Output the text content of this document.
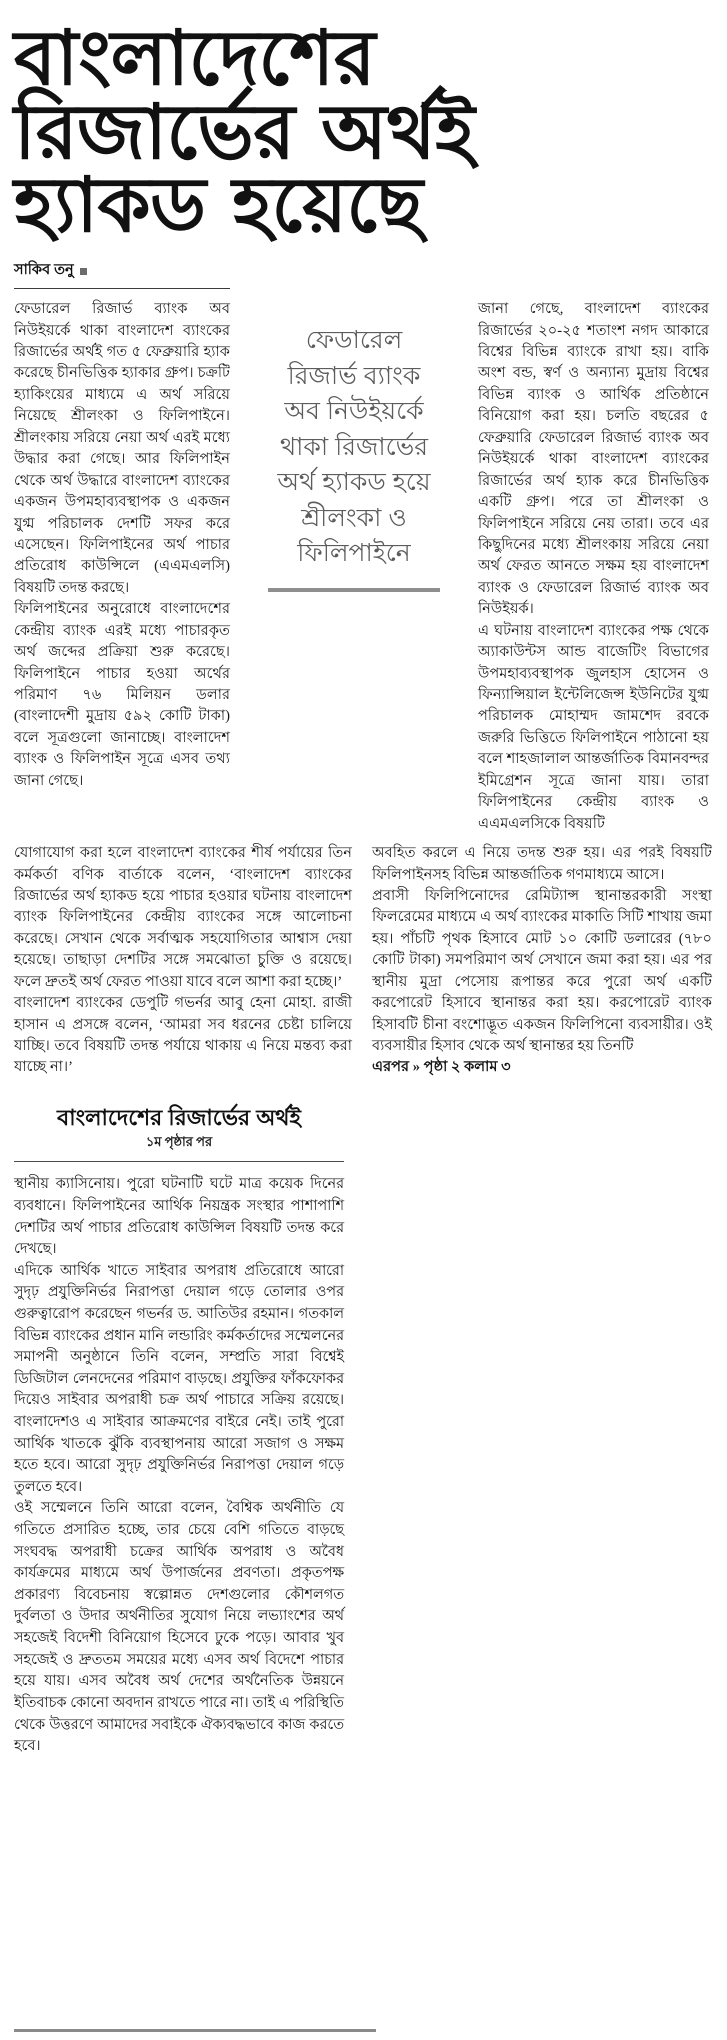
বাংলাদেশের
রিজার্ভের অর্থই
হ্যাকড হয়েছে
সাকিব তনু

ফেডারেল রিজার্ভ ব্যাংক অব নিউইয়র্কে থাকা বাংলাদেশ ব্যাংকের রিজার্ভের অর্থই গত ৫ ফেব্রুয়ারি হ্যাক করেছে চীনভিত্তিক হ্যাকার গ্রুপ। চক্রটি হ্যাকিংয়ের মাধ্যমে এ অর্থ সরিয়ে নিয়েছে শ্রীলংকা ও ফিলিপাইনে। শ্রীলংকায় সরিয়ে নেয়া অর্থ এরই মধ্যে উদ্ধার করা গেছে। আর ফিলিপাইন থেকে অর্থ উদ্ধারে বাংলাদেশ ব্যাংকের একজন উপমহাব্যবস্থাপক ও একজন যুগ্ম পরিচালক দেশটি সফর করে এসেছেন। ফিলিপাইনের অর্থ পাচার প্রতিরোধ কাউন্সিলে (এএমএলসি) বিষয়টি তদন্ত করছে।

ফিলিপাইনের অনুরোধে বাংলাদেশের কেন্দ্রীয় ব্যাংক এরই মধ্যে পাচারকৃত অর্থ জব্দের প্রক্রিয়া শুরু করেছে। ফিলিপাইনে পাচার হওয়া অর্থের পরিমাণ ৭৬ মিলিয়ন ডলার (বাংলাদেশী মুদ্রায় ৫৯২ কোটি টাকা) বলে সূত্রগুলো জানাচ্ছে। বাংলাদেশ ব্যাংক ও ফিলিপাইন সূত্রে এসব তথ্য জানা গেছে।

ফেডারেল
রিজার্ভ ব্যাংক
অব নিউইয়র্কে
থাকা রিজার্ভের
অর্থ হ্যাকড হয়ে
শ্রীলংকা ও
ফিলিপাইনে

জানা গেছে, বাংলাদেশ ব্যাংকের রিজার্ভের ২০-২৫ শতাংশ নগদ আকারে বিশ্বের বিভিন্ন ব্যাংকে রাখা হয়। বাকি অংশ বন্ড, স্বর্ণ ও অন্যান্য মুদ্রায় বিশ্বের বিভিন্ন ব্যাংক ও আর্থিক প্রতিষ্ঠানে বিনিয়োগ করা হয়। চলতি বছরের ৫ ফেব্রুয়ারি ফেডারেল রিজার্ভ ব্যাংক অব নিউইয়র্কে থাকা বাংলাদেশ ব্যাংকের রিজার্ভের অর্থ হ্যাক করে চীনভিত্তিক একটি গ্রুপ। পরে তা শ্রীলংকা ও ফিলিপাইনে সরিয়ে নেয় তারা। তবে এর কিছুদিনের মধ্যে শ্রীলংকায় সরিয়ে নেয়া অর্থ ফেরত আনতে সক্ষম হয় বাংলাদেশ ব্যাংক ও ফেডারেল রিজার্ভ ব্যাংক অব নিউইয়র্ক।

এ ঘটনায় বাংলাদেশ ব্যাংকের পক্ষ থেকে অ্যাকাউন্টস আন্ড বাজেটিং বিভাগের উপমহাব্যবস্থাপক জুলহাস হোসেন ও ফিন্যান্সিয়াল ইন্টেলিজেন্স ইউনিটের যুগ্ম পরিচালক মোহাম্মদ জামশেদ রবকে জরুরি ভিত্তিতে ফিলিপাইনে পাঠানো হয় বলে শাহজালাল আন্তর্জাতিক বিমানবন্দর ইমিগ্রেশন সূত্রে জানা যায়। তারা ফিলিপাইনের কেন্দ্রীয় ব্যাংক ও এএমএলসিকে বিষয়টি

যোগাযোগ করা হলে বাংলাদেশ ব্যাংকের শীর্ষ পর্যায়ের তিন কর্মকর্তা বণিক বার্তাকে বলেন, ‘বাংলাদেশ ব্যাংকের রিজার্ভের অর্থ হ্যাকড হয়ে পাচার হওয়ার ঘটনায় বাংলাদেশ ব্যাংক ফিলিপাইনের কেন্দ্রীয় ব্যাংকের সঙ্গে আলোচনা করেছে। সেখান থেকে সর্বাত্মক সহযোগিতার আশ্বাস দেয়া হয়েছে। তাছাড়া দেশটির সঙ্গে সমঝোতা চুক্তি ও রয়েছে। ফলে দ্রুতই অর্থ ফেরত পাওয়া যাবে বলে আশা করা হচ্ছে।’

বাংলাদেশ ব্যাংকের ডেপুটি গভর্নর আবু হেনা মোহা. রাজী হাসান এ প্রসঙ্গে বলেন, ‘আমরা সব ধরনের চেষ্টা চালিয়ে যাচ্ছি। তবে বিষয়টি তদন্ত পর্যায়ে থাকায় এ নিয়ে মন্তব্য করা যাচ্ছে না।’

অবহিত করলে এ নিয়ে তদন্ত শুরু হয়। এর পরই বিষয়টি ফিলিপাইনসহ বিভিন্ন আন্তর্জাতিক গণমাধ্যমে আসে।

প্রবাসী ফিলিপিনোদের রেমিট্যান্স স্থানান্তরকারী সংস্থা ফিলরেমের মাধ্যমে এ অর্থ ব্যাংকের মাকাতি সিটি শাখায় জমা হয়। পাঁচটি পৃথক হিসাবে মোট ১০ কোটি ডলারের (৭৮০ কোটি টাকা) সমপরিমাণ অর্থ সেখানে জমা করা হয়। এর পর স্থানীয় মুদ্রা পেসোয় রূপান্তর করে পুরো অর্থ একটি করপোরেট হিসাবে স্থানান্তর করা হয়। করপোরেট ব্যাংক হিসাবটি চীনা বংশোদ্ভূত একজন ফিলিপিনো ব্যবসায়ীর। ওই ব্যবসায়ীর হিসাব থেকে অর্থ স্থানান্তর হয় তিনটি

এরপর » পৃষ্ঠা ২ কলাম ৩

বাংলাদেশের রিজার্ভের অর্থই
১ম পৃষ্ঠার পর

স্থানীয় ক্যাসিনোয়। পুরো ঘটনাটি ঘটে মাত্র কয়েক দিনের ব্যবধানে। ফিলিপাইনের আর্থিক নিয়ন্ত্রক সংস্থার পাশাপাশি দেশটির অর্থ পাচার প্রতিরোধ কাউন্সিল বিষয়টি তদন্ত করে দেখছে।

এদিকে আর্থিক খাতে সাইবার অপরাধ প্রতিরোধে আরো সুদৃঢ় প্রযুক্তিনির্ভর নিরাপত্তা দেয়াল গড়ে তোলার ওপর গুরুত্বারোপ করেছেন গভর্নর ড. আতিউর রহমান। গতকাল বিভিন্ন ব্যাংকের প্রধান মানি লন্ডারিং কর্মকর্তাদের সম্মেলনের সমাপনী অনুষ্ঠানে তিনি বলেন, সম্প্রতি সারা বিশ্বেই ডিজিটাল লেনদেনের পরিমাণ বাড়ছে। প্রযুক্তির ফাঁকফোকর দিয়েও সাইবার অপরাধী চক্র অর্থ পাচারে সক্রিয় রয়েছে। বাংলাদেশও এ সাইবার আক্রমণের বাইরে নেই। তাই পুরো আর্থিক খাতকে ঝুঁকি ব্যবস্থাপনায় আরো সজাগ ও সক্ষম হতে হবে। আরো সুদৃঢ় প্রযুক্তিনির্ভর নিরাপত্তা দেয়াল গড়ে তুলতে হবে।

ওই সম্মেলনে তিনি আরো বলেন, বৈশ্বিক অর্থনীতি যে গতিতে প্রসারিত হচ্ছে, তার চেয়ে বেশি গতিতে বাড়ছে সংঘবদ্ধ অপরাধী চক্রের আর্থিক অপরাধ ও অবৈধ কার্যক্রমের মাধ্যমে অর্থ উপার্জনের প্রবণতা। প্রকৃতপক্ষ প্রকারণ্য বিবেচনায় স্বল্পোন্নত দেশগুলোর কৌশলগত দুর্বলতা ও উদার অর্থনীতির সুযোগ নিয়ে লভ্যাংশের অর্থ সহজেই বিদেশী বিনিয়োগ হিসেবে ঢুকে পড়ে। আবার খুব সহজেই ও দ্রুততম সময়ের মধ্যে এসব অর্থ বিদেশে পাচার হয়ে যায়। এসব অবৈধ অর্থ দেশের অর্থনৈতিক উন্নয়নে ইতিবাচক কোনো অবদান রাখতে পারে না। তাই এ পরিস্থিতি থেকে উত্তরণে আমাদের সবাইকে ঐক্যবদ্ধভাবে কাজ করতে হবে।
